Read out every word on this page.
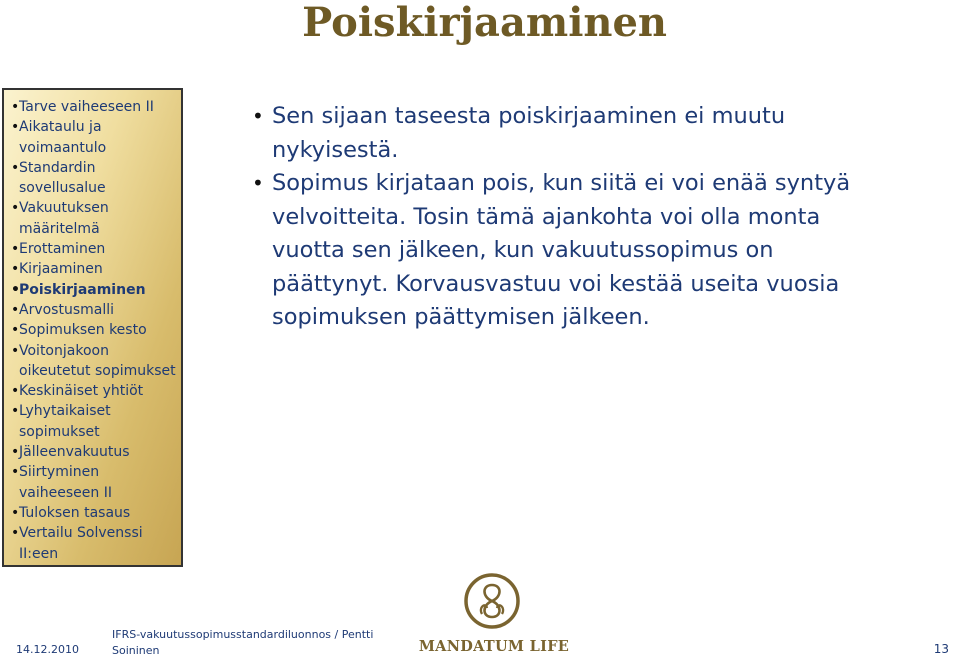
Poiskirjaaminen
• Tarve vaiheeseen II
• Aikataulu ja voimaantulo
• Standardin sovellusalue
• Vakuutuksen määritelmä
• Erottaminen
• Kirjaaminen
• Poiskirjaaminen
• Arvostusmalli
• Sopimuksen kesto
• Voitonjakoon oikeutetut sopimukset
• Keskinäiset yhtiöt
• Lyhytaikaiset sopimukset
• Jälleenvakuutus
• Siirtyminen vaiheeseen II
• Tuloksen tasaus
• Vertailu Solvenssi II:een
• Sen sijaan taseesta poiskirjaaminen ei muutu nykyisestä.
• Sopimus kirjataan pois, kun siitä ei voi enää syntyä velvoitteita. Tosin tämä ajankohta voi olla monta vuotta sen jälkeen, kun vakuutussopimus on päättynyt. Korvausvastuu voi kestää useita vuosia sopimuksen päättymisen jälkeen.
MANDATUM LIFE
14.12.2010
IFRS-vakuutussopimusstandardiluonnos / Pentti Soininen	13
